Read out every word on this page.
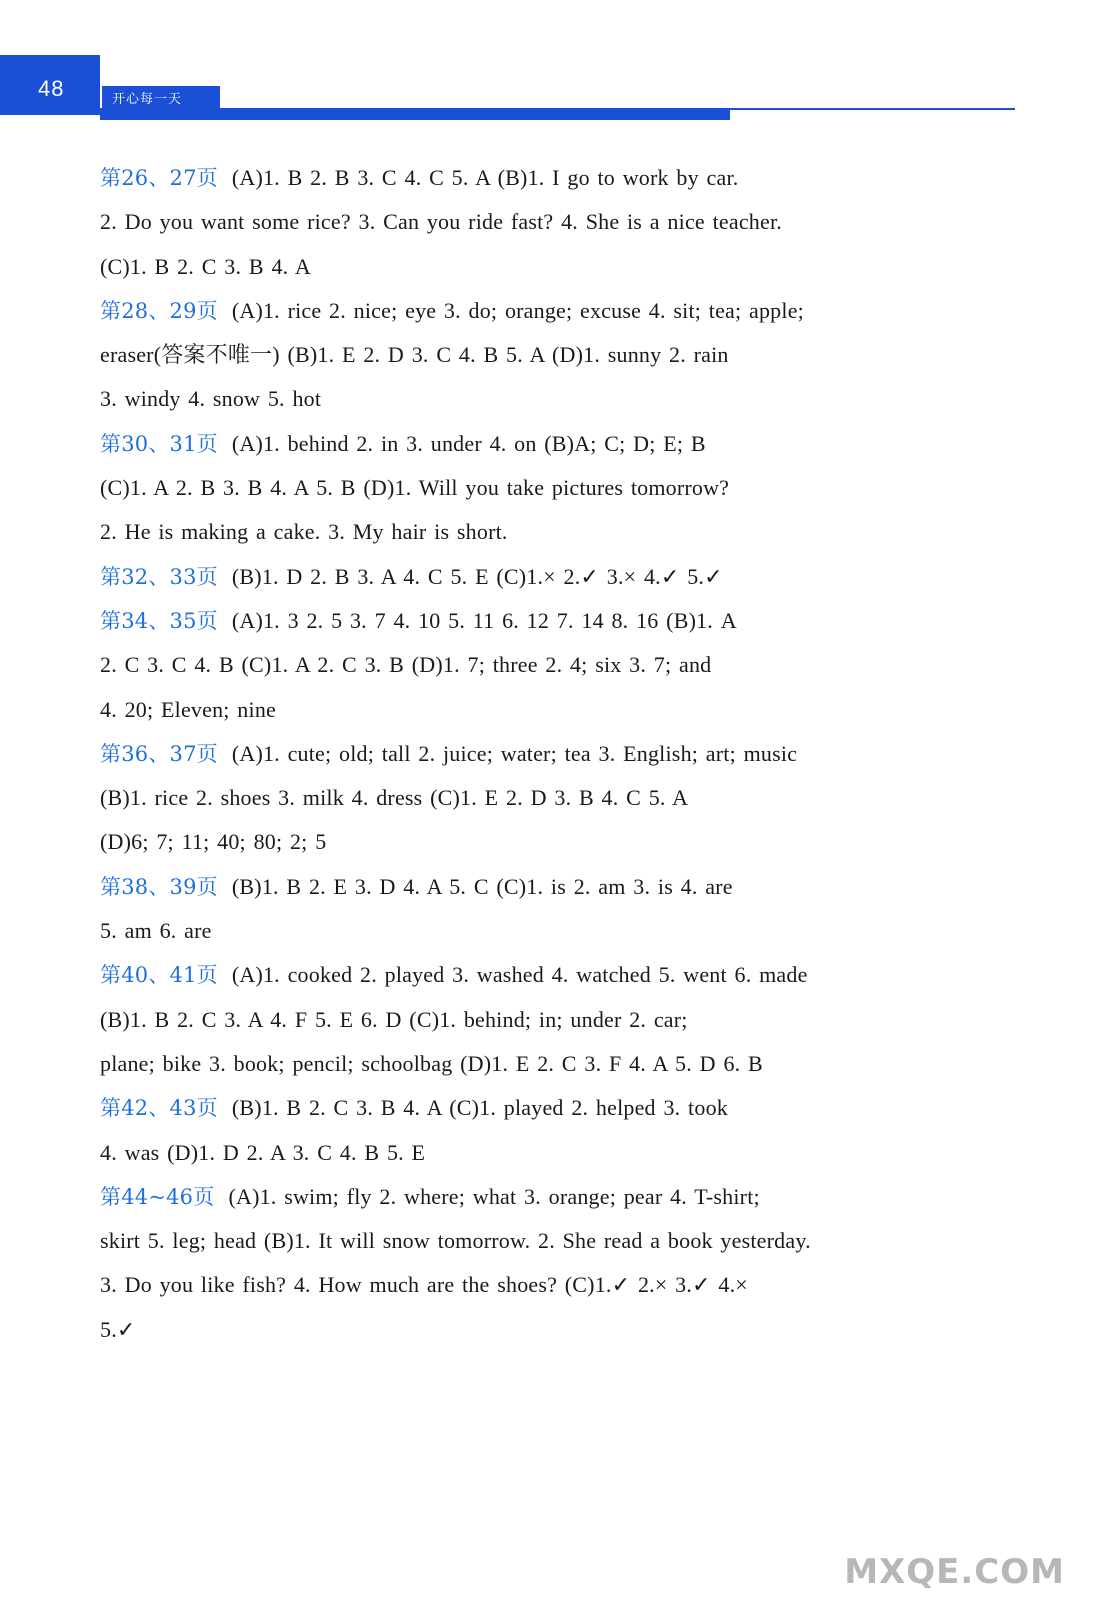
48	开心每一天
第26、27页 (A)1. B 2. B 3. C 4. C 5. A (B)1. I go to work by car.
2. Do you want some rice? 3. Can you ride fast? 4. She is a nice teacher.
(C)1. B 2. C 3. B 4. A
第28、29页 (A)1. rice 2. nice; eye 3. do; orange; excuse 4. sit; tea; apple;
eraser(答案不唯一) (B)1. E 2. D 3. C 4. B 5. A (D)1. sunny 2. rain
3. windy 4. snow 5. hot
第30、31页 (A)1. behind 2. in 3. under 4. on (B)A; C; D; E; B
(C)1. A 2. B 3. B 4. A 5. B (D)1. Will you take pictures tomorrow?
2. He is making a cake. 3. My hair is short.
第32、33页 (B)1. D 2. B 3. A 4. C 5. E (C)1.× 2.✓ 3.× 4.✓ 5.✓
第34、35页 (A)1. 3 2. 5 3. 7 4. 10 5. 11 6. 12 7. 14 8. 16 (B)1. A
2. C 3. C 4. B (C)1. A 2. C 3. B (D)1. 7; three 2. 4; six 3. 7; and
4. 20; Eleven; nine
第36、37页 (A)1. cute; old; tall 2. juice; water; tea 3. English; art; music
(B)1. rice 2. shoes 3. milk 4. dress (C)1. E 2. D 3. B 4. C 5. A
(D)6; 7; 11; 40; 80; 2; 5
第38、39页 (B)1. B 2. E 3. D 4. A 5. C (C)1. is 2. am 3. is 4. are
5. am 6. are
第40、41页 (A)1. cooked 2. played 3. washed 4. watched 5. went 6. made
(B)1. B 2. C 3. A 4. F 5. E 6. D (C)1. behind; in; under 2. car;
plane; bike 3. book; pencil; schoolbag (D)1. E 2. C 3. F 4. A 5. D 6. B
第42、43页 (B)1. B 2. C 3. B 4. A (C)1. played 2. helped 3. took
4. was (D)1. D 2. A 3. C 4. B 5. E
第44~46页 (A)1. swim; fly 2. where; what 3. orange; pear 4. T-shirt;
skirt 5. leg; head (B)1. It will snow tomorrow. 2. She read a book yesterday.
3. Do you like fish? 4. How much are the shoes? (C)1.✓ 2.× 3.✓ 4.×
5.✓
MXQE.COM
